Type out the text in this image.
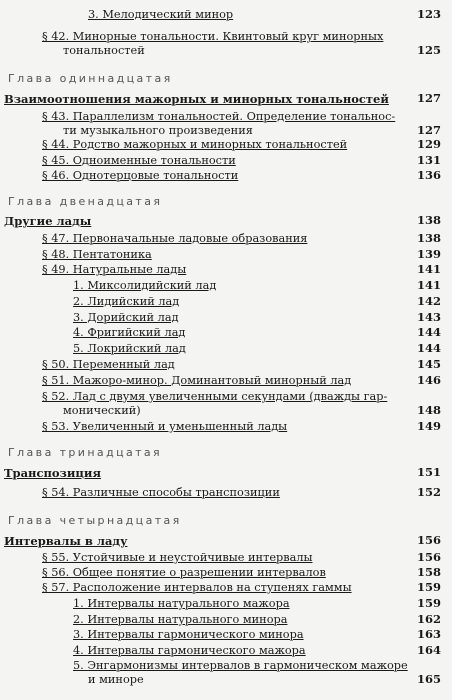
3. Мелодический минор	123
§ 42. Минорные тональности. Квинтовый круг минорных
тональностей	125
Глава одиннадцатая
Взаимоотношения мажорных и минорных тональностей 127
§ 43. Параллелизм тональностей. Определение тональнос-
ти музыкального произведения	127
§ 44. Родство мажорных и минорных тональностей	129
§ 45. Одноименные тональности	131
§ 46. Однотерцовые тональности	136
Глава двенадцатая
Другие лады	138
§ 47. Первоначальные ладовые образования	138
§ 48. Пентатоника	139
§ 49. Натуральные лады	141
1. Миксолидийский лад	141
2. Лидийский лад	142
3. Дорийский лад	143
4. Фригийский лад	144
5. Локрийский лад	144
§ 50. Переменный лад	145
§ 51. Мажоро-минор. Доминантовый минорный лад	146
§ 52. Лад с двумя увеличенными секундами (дважды гар-
монический)	148
§ 53. Увеличенный и уменьшенный лады	149
Глава тринадцатая
Транспозиция	151
§ 54. Различные способы транспозиции	152
Глава четырнадцатая
Интервалы в ладу	156
§ 55. Устойчивые и неустойчивые интервалы	156
§ 56. Общее понятие о разрешении интервалов	158
§ 57. Расположение интервалов на ступенях гаммы	159
1. Интервалы натурального мажора	159
2. Интервалы натурального минора	162
3. Интервалы гармонического минора	163
4. Интервалы гармонического мажора	164
5. Энгармонизмы интервалов в гармоническом мажоре
и миноре	165
